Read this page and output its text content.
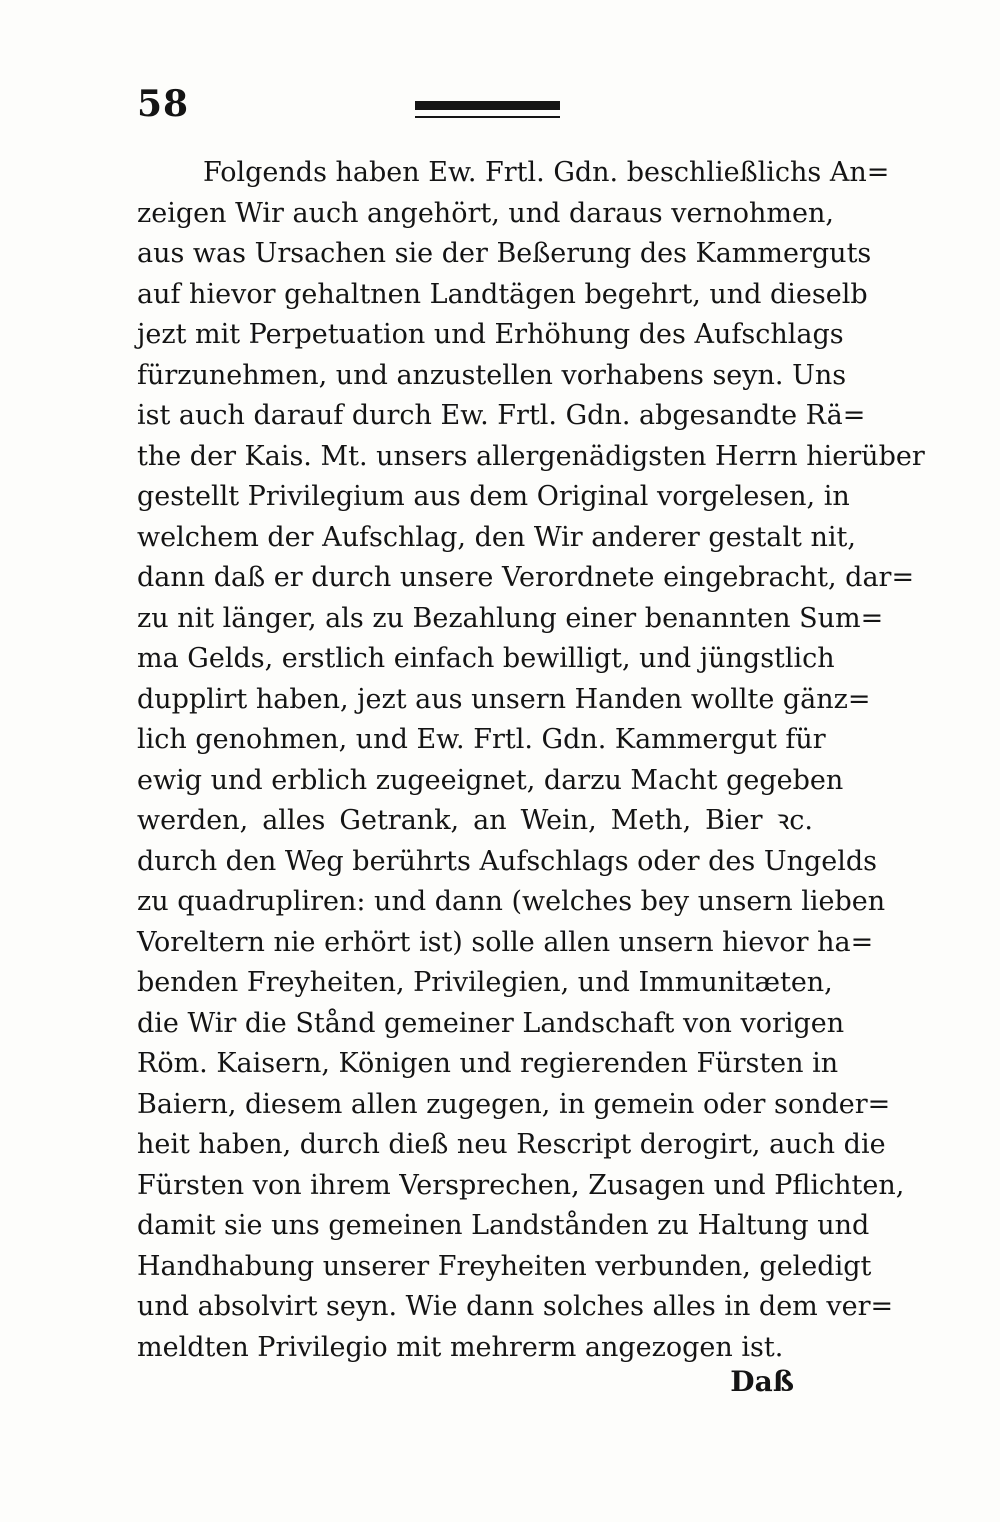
58
Folgends haben Ew. Frtl. Gdn. beschließlichs An=
zeigen Wir auch angehört, und daraus vernohmen,
aus was Ursachen sie der Beßerung des Kammerguts
auf hievor gehaltnen Landtägen begehrt, und dieselb
jezt mit Perpetuation und Erhöhung des Aufschlags
fürzunehmen, und anzustellen vorhabens seyn. Uns
ist auch darauf durch Ew. Frtl. Gdn. abgesandte Rä=
the der Kais. Mt. unsers allergenädigsten Herrn hierüber
gestellt Privilegium aus dem Original vorgelesen, in
welchem der Aufschlag, den Wir anderer gestalt nit,
dann daß er durch unsere Verordnete eingebracht, dar=
zu nit länger, als zu Bezahlung einer benannten Sum=
ma Gelds, erstlich einfach bewilligt, und jüngstlich
dupplirt haben, jezt aus unsern Handen wollte gänz=
lich genohmen, und Ew. Frtl. Gdn. Kammergut für
ewig und erblich zugeeignet, darzu Macht gegeben
werden, alles Getrank, an Wein, Meth, Bier ꝛc.
durch den Weg berührts Aufschlags oder des Ungelds
zu quadrupliren: und dann (welches bey unsern lieben
Voreltern nie erhört ist) solle allen unsern hievor ha=
benden Freyheiten, Privilegien, und Immunitæten,
die Wir die Stånd gemeiner Landschaft von vorigen
Röm. Kaisern, Königen und regierenden Fürsten in
Baiern, diesem allen zugegen, in gemein oder sonder=
heit haben, durch dieß neu Rescript derogirt, auch die
Fürsten von ihrem Versprechen, Zusagen und Pflichten,
damit sie uns gemeinen Landstånden zu Haltung und
Handhabung unserer Freyheiten verbunden, geledigt
und absolvirt seyn. Wie dann solches alles in dem ver=
meldten Privilegio mit mehrerm angezogen ist.
Daß
